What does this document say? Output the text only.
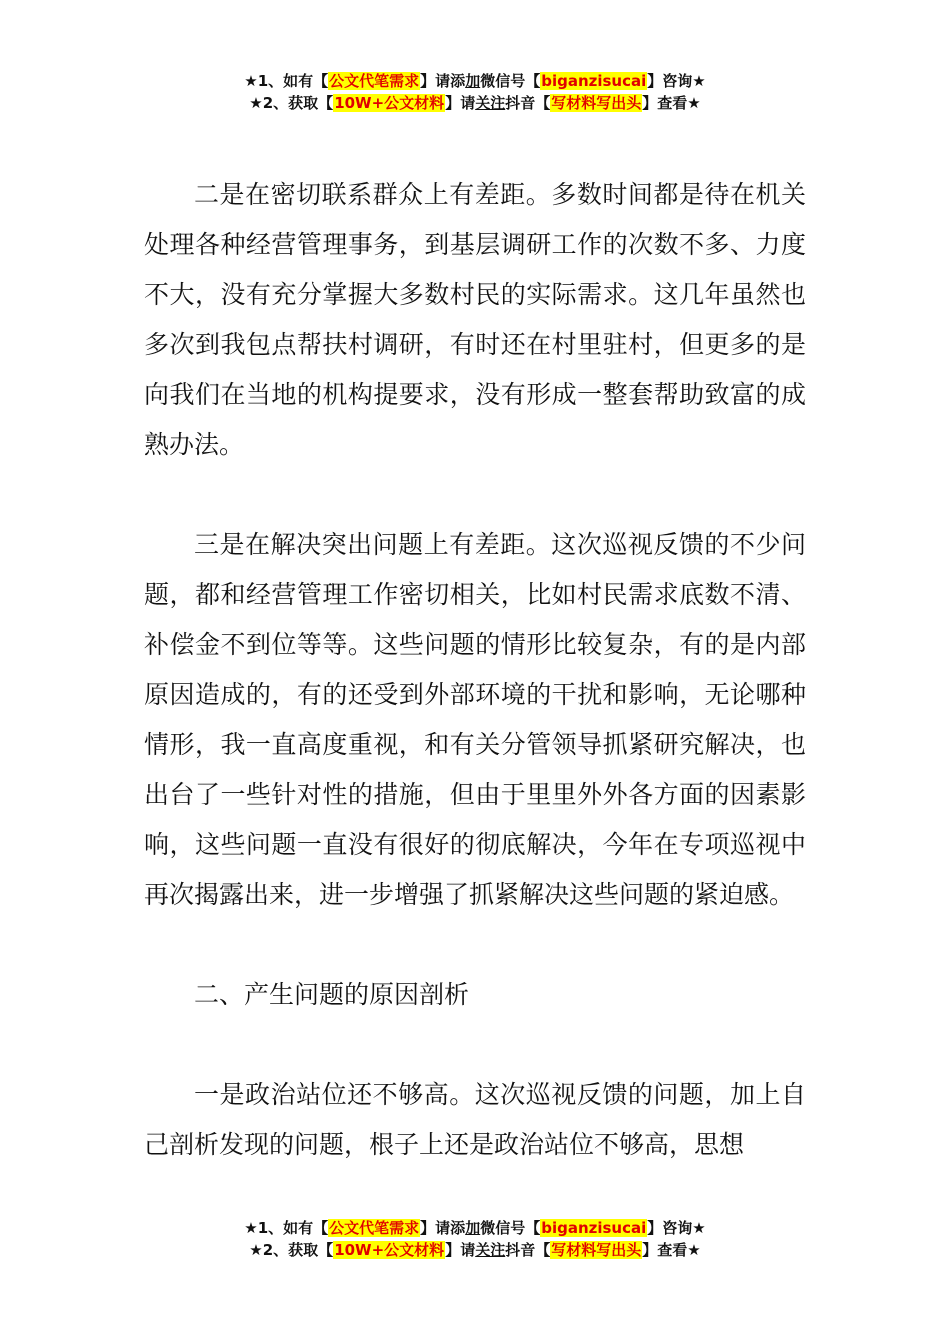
★1、如有【公文代笔需求】请添加微信号【biganzisucai】咨询★
★2、获取【10W+公文材料】请关注抖音【写材料写出头】查看★

二是在密切联系群众上有差距。多数时间都是待在机关处理各种经营管理事务，到基层调研工作的次数不多、力度不大，没有充分掌握大多数村民的实际需求。这几年虽然也多次到我包点帮扶村调研，有时还在村里驻村，但更多的是向我们在当地的机构提要求，没有形成一整套帮助致富的成熟办法。

三是在解决突出问题上有差距。这次巡视反馈的不少问题，都和经营管理工作密切相关，比如村民需求底数不清、补偿金不到位等等。这些问题的情形比较复杂，有的是内部原因造成的，有的还受到外部环境的干扰和影响，无论哪种情形，我一直高度重视，和有关分管领导抓紧研究解决，也出台了一些针对性的措施，但由于里里外外各方面的因素影响，这些问题一直没有很好的彻底解决，今年在专项巡视中再次揭露出来，进一步增强了抓紧解决这些问题的紧迫感。

二、产生问题的原因剖析

一是政治站位还不够高。这次巡视反馈的问题，加上自己剖析发现的问题，根子上还是政治站位不够高，思想

★1、如有【公文代笔需求】请添加微信号【biganzisucai】咨询★
★2、获取【10W+公文材料】请关注抖音【写材料写出头】查看★
